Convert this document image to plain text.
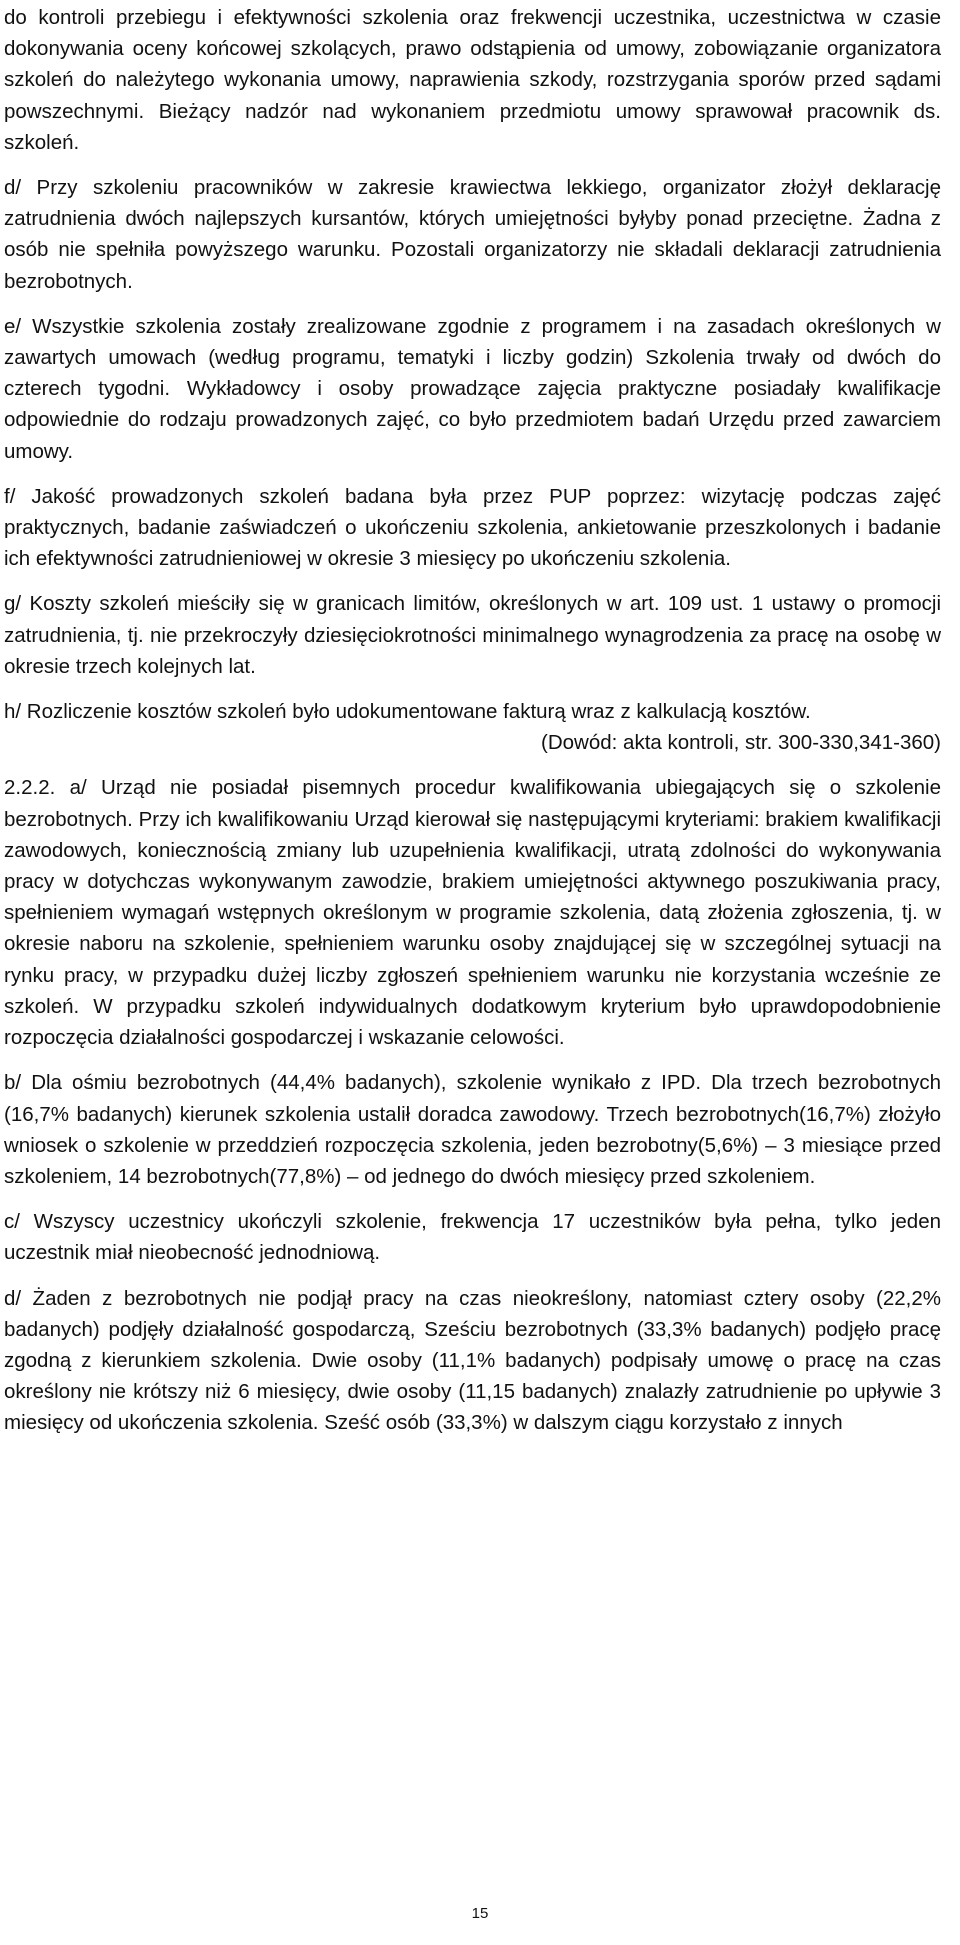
do kontroli przebiegu i efektywności szkolenia oraz frekwencji uczestnika, uczestnictwa w czasie dokonywania oceny końcowej szkolących, prawo odstąpienia od umowy, zobowiązanie organizatora szkoleń do należytego wykonania umowy, naprawienia szkody, rozstrzygania sporów przed sądami powszechnymi. Bieżący nadzór nad wykonaniem przedmiotu umowy sprawował pracownik ds. szkoleń.

d/ Przy szkoleniu pracowników w zakresie krawiectwa lekkiego, organizator złożył deklarację zatrudnienia dwóch najlepszych kursantów, których umiejętności byłyby ponad przeciętne. Żadna z osób nie spełniła powyższego warunku. Pozostali organizatorzy nie składali deklaracji zatrudnienia bezrobotnych.

e/ Wszystkie szkolenia zostały zrealizowane zgodnie z programem i na zasadach określonych w zawartych umowach (według programu, tematyki i liczby godzin) Szkolenia trwały od dwóch do czterech tygodni. Wykładowcy i osoby prowadzące zajęcia praktyczne posiadały kwalifikacje odpowiednie do rodzaju prowadzonych zajęć, co było przedmiotem badań Urzędu przed zawarciem umowy.

f/ Jakość prowadzonych szkoleń badana była przez PUP poprzez: wizytację podczas zajęć praktycznych, badanie zaświadczeń o ukończeniu szkolenia, ankietowanie przeszkolonych i badanie ich efektywności zatrudnieniowej w okresie 3 miesięcy po ukończeniu szkolenia.

g/ Koszty szkoleń mieściły się w granicach limitów, określonych w art. 109 ust. 1 ustawy o promocji zatrudnienia, tj. nie przekroczyły dziesięciokrotności minimalnego wynagrodzenia za pracę na osobę w okresie trzech kolejnych lat.

h/ Rozliczenie kosztów szkoleń było udokumentowane fakturą wraz z kalkulacją kosztów.

(Dowód: akta kontroli, str. 300-330,341-360)

2.2.2. a/ Urząd nie posiadał pisemnych procedur kwalifikowania ubiegających się o szkolenie bezrobotnych. Przy ich kwalifikowaniu Urząd kierował się następującymi kryteriami: brakiem kwalifikacji zawodowych, koniecznością zmiany lub uzupełnienia kwalifikacji, utratą zdolności do wykonywania pracy w dotychczas wykonywanym zawodzie, brakiem umiejętności aktywnego poszukiwania pracy, spełnieniem wymagań wstępnych określonym w programie szkolenia, datą złożenia zgłoszenia, tj. w okresie naboru na szkolenie, spełnieniem warunku osoby znajdującej się w szczególnej sytuacji na rynku pracy, w przypadku dużej liczby zgłoszeń spełnieniem warunku nie korzystania wcześnie ze szkoleń. W przypadku szkoleń indywidualnych dodatkowym kryterium było uprawdopodobnienie rozpoczęcia działalności gospodarczej i wskazanie celowości.

b/ Dla ośmiu bezrobotnych (44,4% badanych), szkolenie wynikało z IPD. Dla trzech bezrobotnych (16,7% badanych) kierunek szkolenia ustalił doradca zawodowy. Trzech bezrobotnych(16,7%) złożyło wniosek o szkolenie w przeddzień rozpoczęcia szkolenia, jeden bezrobotny(5,6%) – 3 miesiące przed szkoleniem, 14 bezrobotnych(77,8%) – od jednego do dwóch miesięcy przed szkoleniem.

c/ Wszyscy uczestnicy ukończyli szkolenie, frekwencja 17 uczestników była pełna, tylko jeden uczestnik miał nieobecność jednodniową.

d/ Żaden z bezrobotnych nie podjął pracy na czas nieokreślony, natomiast cztery osoby (22,2% badanych) podjęły działalność gospodarczą, Sześciu bezrobotnych (33,3% badanych) podjęło pracę zgodną z kierunkiem szkolenia. Dwie osoby (11,1% badanych) podpisały umowę o pracę na czas określony nie krótszy niż 6 miesięcy, dwie osoby (11,15 badanych) znalazły zatrudnienie po upływie 3 miesięcy od ukończenia szkolenia. Sześć osób (33,3%) w dalszym ciągu korzystało z innych

15
